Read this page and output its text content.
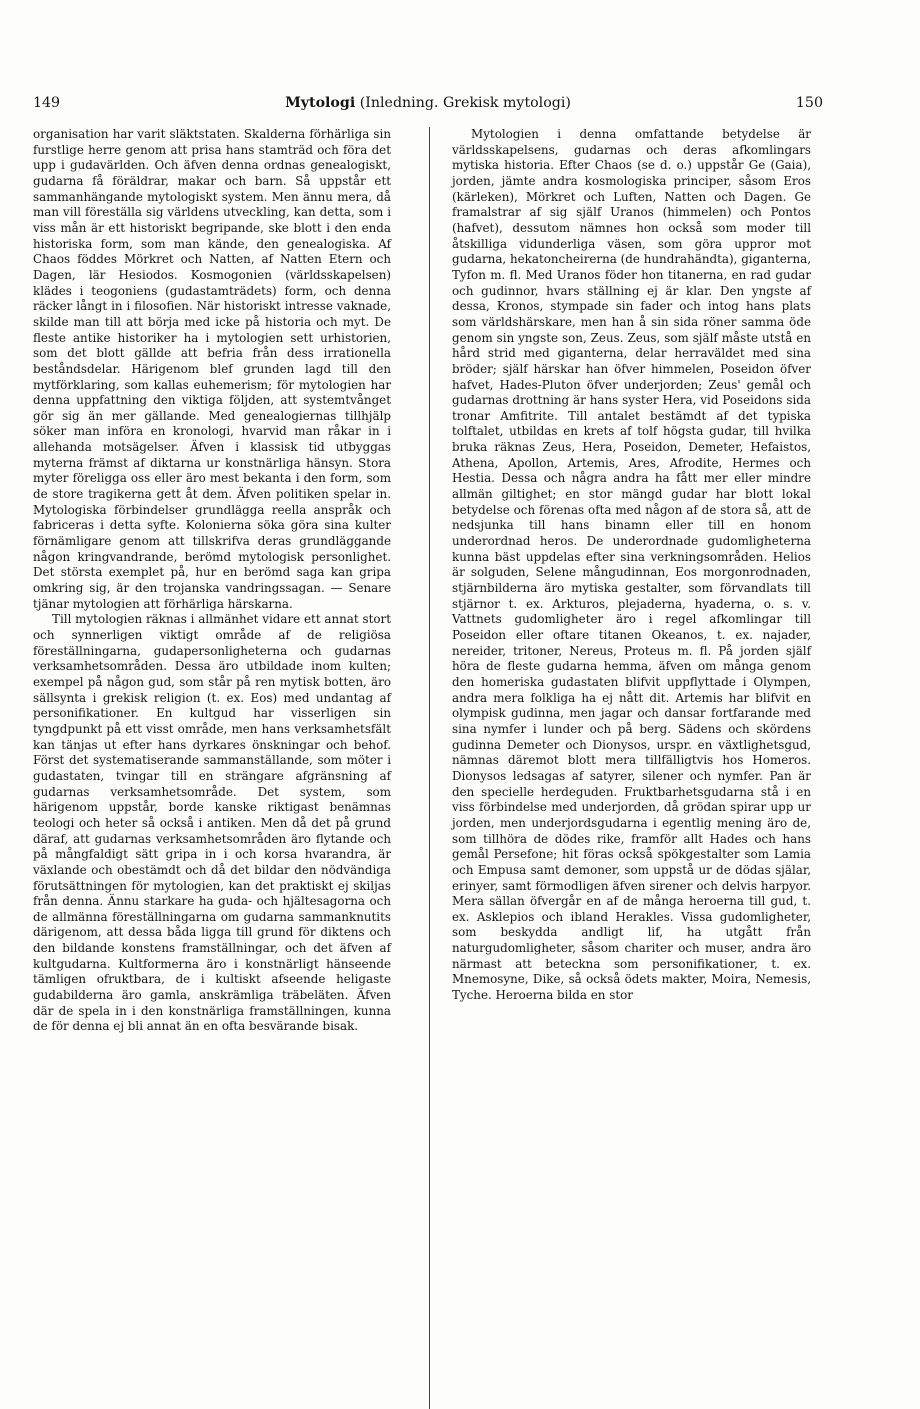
149	Mytologi (Inledning. Grekisk mytologi)	150

organisation har varit släktstaten. Skalderna förhärliga sin furstlige herre genom att prisa hans stamträd och föra det upp i gudavärlden. Och äfven denna ordnas genealogiskt, gudarna få föräldrar, makar och barn. Så uppstår ett sammanhängande mytologiskt system. Men ännu mera, då man vill föreställa sig världens utveckling, kan detta, som i viss mån är ett historiskt begripande, ske blott i den enda historiska form, som man kände, den genealogiska. Af Chaos föddes Mörkret och Natten, af Natten Etern och Dagen, lär Hesiodos. Kosmogonien (världsskapelsen) klädes i teogoniens (gudastamträdets) form, och denna räcker långt in i filosofien. När historiskt intresse vaknade, skilde man till att börja med icke på historia och myt. De fleste antike historiker ha i mytologien sett urhistorien, som det blott gällde att befria från dess irrationella beståndsdelar. Härigenom blef grunden lagd till den mytförklaring, som kallas euhemerism; för mytologien har denna uppfattning den viktiga följden, att systemtvånget gör sig än mer gällande. Med genealogiernas tillhjälp söker man införa en kronologi, hvarvid man råkar in i allehanda motsägelser. Äfven i klassisk tid utbyggas myterna främst af diktarna ur konstnärliga hänsyn. Stora myter föreligga oss eller äro mest bekanta i den form, som de store tragikerna gett åt dem. Äfven politiken spelar in. Mytologiska förbindelser grundlägga reella anspråk och fabriceras i detta syfte. Kolonierna söka göra sina kulter förnämligare genom att tillskrifva deras grundläggande någon kringvandrande, berömd mytologisk personlighet. Det största exemplet på, hur en berömd saga kan gripa omkring sig, är den trojanska vandringssagan. — Senare tjänar mytologien att förhärliga härskarna.

Till mytologien räknas i allmänhet vidare ett annat stort och synnerligen viktigt område af de religiösa föreställningarna, gudapersonligheterna och gudarnas verksamhetsområden. Dessa äro utbildade inom kulten; exempel på någon gud, som står på ren mytisk botten, äro sällsynta i grekisk religion (t. ex. Eos) med undantag af personifikationer. En kultgud har visserligen sin tyngdpunkt på ett visst område, men hans verksamhetsfält kan tänjas ut efter hans dyrkares önskningar och behof. Först det systematiserande sammanställande, som möter i gudastaten, tvingar till en strängare afgränsning af gudarnas verksamhetsområde. Det system, som härigenom uppstår, borde kanske riktigast benämnas teologi och heter så också i antiken. Men då det på grund däraf, att gudarnas verksamhetsområden äro flytande och på mångfaldigt sätt gripa in i och korsa hvarandra, är växlande och obestämdt och då det bildar den nödvändiga förutsättningen för mytologien, kan det praktiskt ej skiljas från denna. Ännu starkare ha guda- och hjältesagorna och de allmänna föreställningarna om gudarna sammanknutits därigenom, att dessa båda ligga till grund för diktens och den bildande konstens framställningar, och det äfven af kultgudarna. Kultformerna äro i konstnärligt hänseende tämligen ofruktbara, de i kultiskt afseende heligaste gudabilderna äro gamla, anskrämliga träbeläten. Äfven där de spela in i den konstnärliga framställningen, kunna de för denna ej bli annat än en ofta besvärande bisak.

Mytologien i denna omfattande betydelse är världsskapelsens, gudarnas och deras afkomlingars mytiska historia. Efter Chaos (se d. o.) uppstår Ge (Gaia), jorden, jämte andra kosmologiska principer, såsom Eros (kärleken), Mörkret och Luften, Natten och Dagen. Ge framalstrar af sig själf Uranos (himmelen) och Pontos (hafvet), dessutom nämnes hon också som moder till åtskilliga vidunderliga väsen, som göra uppror mot gudarna, hekatoncheirerna (de hundrahändta), giganterna, Tyfon m. fl. Med Uranos föder hon titanerna, en rad gudar och gudinnor, hvars ställning ej är klar. Den yngste af dessa, Kronos, stympade sin fader och intog hans plats som världshärskare, men han å sin sida röner samma öde genom sin yngste son, Zeus. Zeus, som själf måste utstå en hård strid med giganterna, delar herraväldet med sina bröder; själf härskar han öfver himmelen, Poseidon öfver hafvet, Hades-Pluton öfver underjorden; Zeus' gemål och gudarnas drottning är hans syster Hera, vid Poseidons sida tronar Amfitrite. Till antalet bestämdt af det typiska tolftalet, utbildas en krets af tolf högsta gudar, till hvilka bruka räknas Zeus, Hera, Poseidon, Demeter, Hefaistos, Athena, Apollon, Artemis, Ares, Afrodite, Hermes och Hestia. Dessa och några andra ha fått mer eller mindre allmän giltighet; en stor mängd gudar har blott lokal betydelse och förenas ofta med någon af de stora så, att de nedsjunka till hans binamn eller till en honom underordnad heros. De underordnade gudomligheterna kunna bäst uppdelas efter sina verkningsområden. Helios är solguden, Selene mångudinnan, Eos morgonrodnaden, stjärnbilderna äro mytiska gestalter, som förvandlats till stjärnor t. ex. Arkturos, plejaderna, hyaderna, o. s. v. Vattnets gudomligheter äro i regel afkomlingar till Poseidon eller oftare titanen Okeanos, t. ex. najader, nereider, tritoner, Nereus, Proteus m. fl. På jorden själf höra de fleste gudarna hemma, äfven om många genom den homeriska gudastaten blifvit uppflyttade i Olympen, andra mera folkliga ha ej nått dit. Artemis har blifvit en olympisk gudinna, men jagar och dansar fortfarande med sina nymfer i lunder och på berg. Sädens och skördens gudinna Demeter och Dionysos, urspr. en växtlighetsgud, nämnas däremot blott mera tillfälligtvis hos Homeros. Dionysos ledsagas af satyrer, silener och nymfer. Pan är den specielle herdeguden. Fruktbarhetsgudarna stå i en viss förbindelse med underjorden, då grödan spirar upp ur jorden, men underjordsgudarna i egentlig mening äro de, som tillhöra de dödes rike, framför allt Hades och hans gemål Persefone; hit föras också spökgestalter som Lamia och Empusa samt demoner, som uppstå ur de dödas själar, erinyer, samt förmodligen äfven sirener och delvis harpyor. Mera sällan öfvergår en af de många heroerna till gud, t. ex. Asklepios och ibland Herakles. Vissa gudomligheter, som beskydda andligt lif, ha utgått från naturgudomligheter, såsom chariter och muser, andra äro närmast att beteckna som personifikationer, t. ex. Mnemosyne, Dike, så också ödets makter, Moira, Nemesis, Tyche. Heroerna bilda en stor
